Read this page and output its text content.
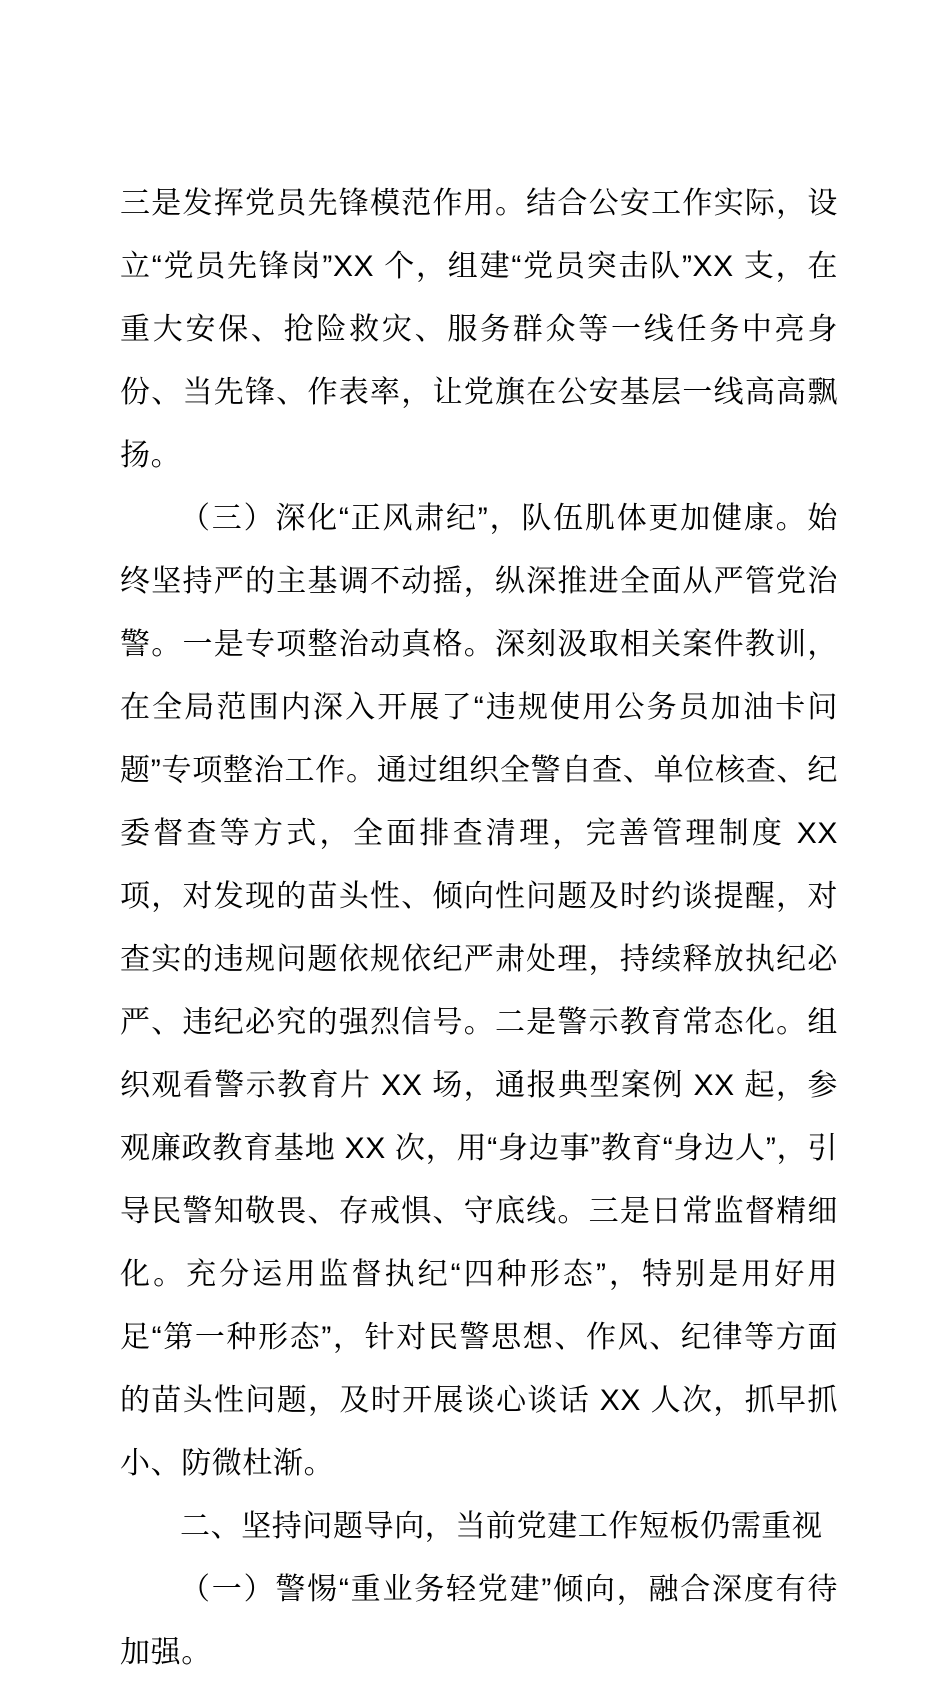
三是发挥党员先锋模范作用。结合公安工作实际，设立“党员先锋岗”XX 个，组建“党员突击队”XX 支，在重大安保、抢险救灾、服务群众等一线任务中亮身份、当先锋、作表率，让党旗在公安基层一线高高飘扬。

（三）深化“正风肃纪”，队伍肌体更加健康。始终坚持严的主基调不动摇，纵深推进全面从严管党治警。一是专项整治动真格。深刻汲取相关案件教训，在全局范围内深入开展了“违规使用公务员加油卡问题”专项整治工作。通过组织全警自查、单位核查、纪委督查等方式，全面排查清理，完善管理制度 XX 项，对发现的苗头性、倾向性问题及时约谈提醒，对查实的违规问题依规依纪严肃处理，持续释放执纪必严、违纪必究的强烈信号。二是警示教育常态化。组织观看警示教育片 XX 场，通报典型案例 XX 起，参观廉政教育基地 XX 次，用“身边事”教育“身边人”，引导民警知敬畏、存戒惧、守底线。三是日常监督精细化。充分运用监督执纪“四种形态”，特别是用好用足“第一种形态”，针对民警思想、作风、纪律等方面的苗头性问题，及时开展谈心谈话 XX 人次，抓早抓小、防微杜渐。

二、坚持问题导向，当前党建工作短板仍需重视

（一）警惕“重业务轻党建”倾向，融合深度有待加强。
